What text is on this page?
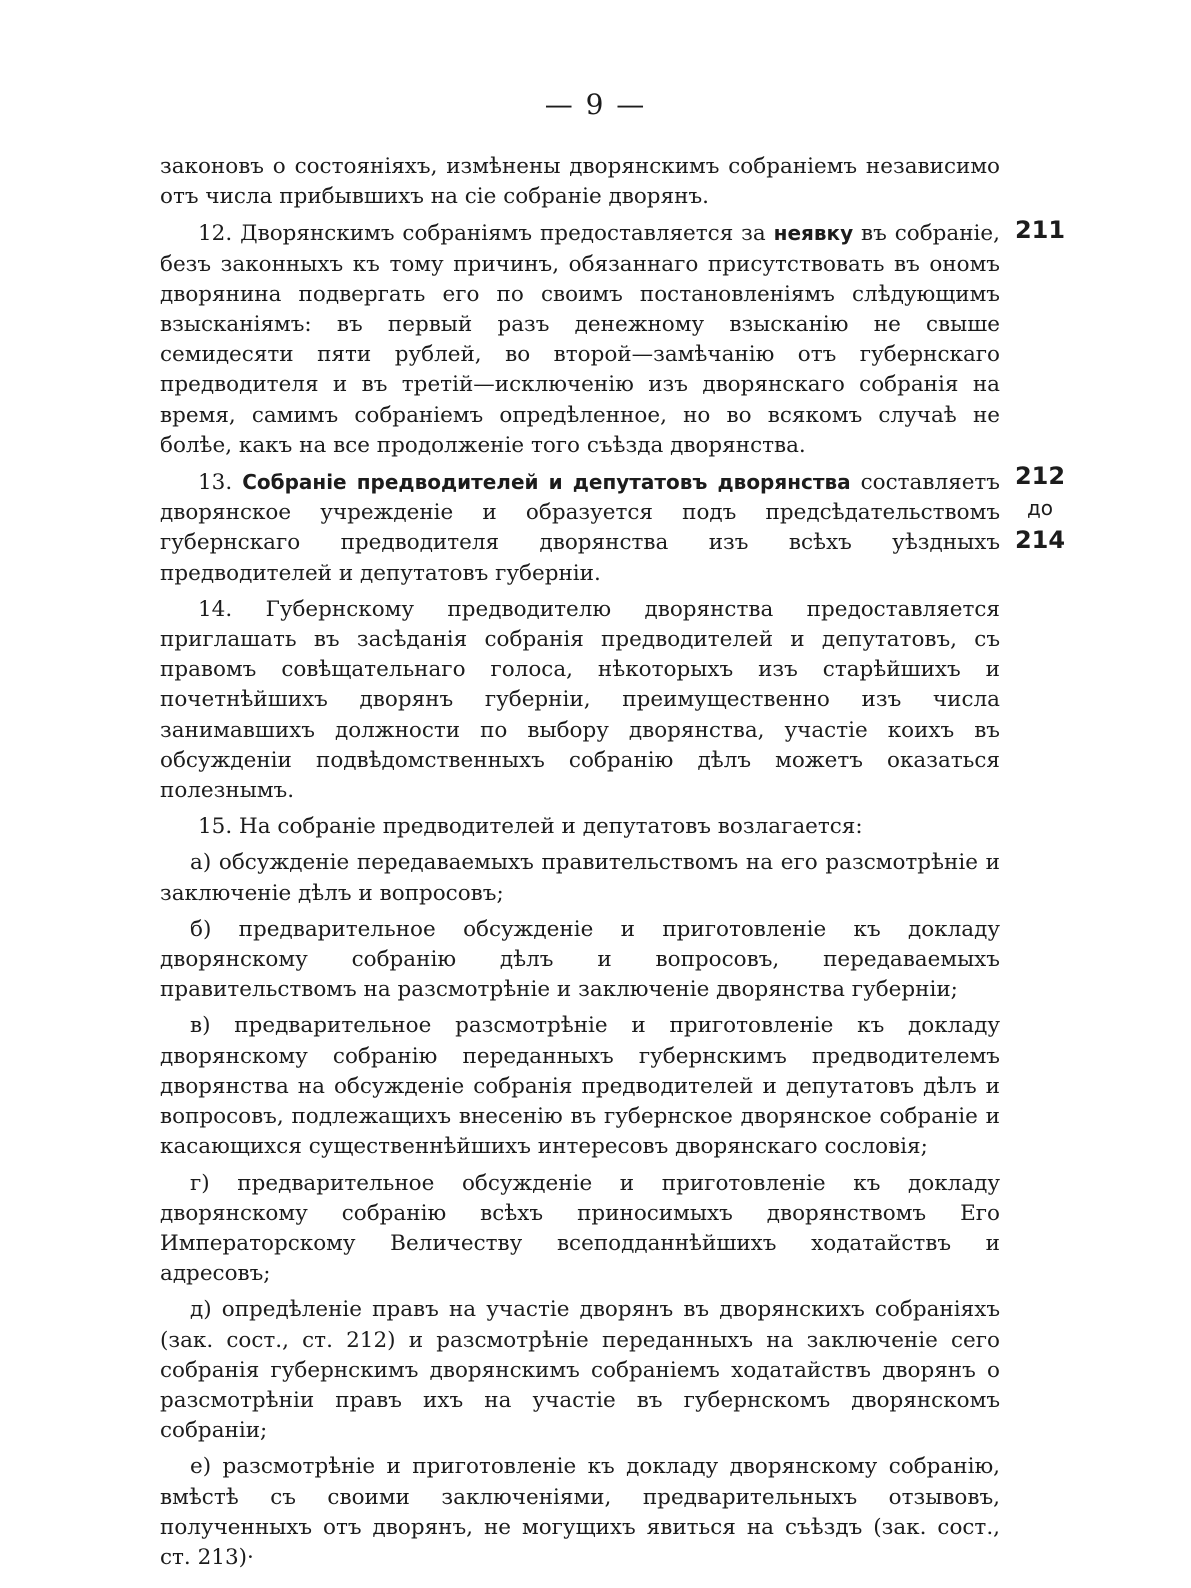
— 9 —

законовъ о состоянiяхъ, измѣнены дворянскимъ собранiемъ независимо отъ числа прибывшихъ на сiе собранiе дворянъ.

12. Дворянскимъ собранiямъ предоставляется за неявку въ собранiе, безъ законныхъ къ тому причинъ, обязаннаго присутствовать въ ономъ дворянина подвергать его по своимъ постановленiямъ слѣдующимъ взысканiямъ: въ первый разъ денежному взысканiю не свыше семидесяти пяти рублей, во второй—замѣчанiю отъ губернскаго предводителя и въ третiй—исключенiю изъ дворянскаго собранiя на время, самимъ собранiемъ опредѣленное, но во всякомъ случаѣ не болѣе, какъ на все продолженiе того съѣзда дворянства.

13. Собранiе предводителей и депутатовъ дворянства составляетъ дворянское учрежденiе и образуется подъ предсѣдательствомъ губернскаго предводителя дворянства изъ всѣхъ уѣздныхъ предводителей и депутатовъ губернiи.

14. Губернскому предводителю дворянства предоставляется приглашать въ засѣданiя собранiя предводителей и депутатовъ, съ правомъ совѣщательнаго голоса, нѣкоторыхъ изъ старѣйшихъ и почетнѣйшихъ дворянъ губернiи, преимущественно изъ числа занимавшихъ должности по выбору дворянства, участiе коихъ въ обсужденiи подвѣдомственныхъ собранiю дѣлъ можетъ оказаться полезнымъ.

15. На собранiе предводителей и депутатовъ возлагается:

а) обсужденiе передаваемыхъ правительствомъ на его разсмотрѣнiе и заключенiе дѣлъ и вопросовъ;

б) предварительное обсужденiе и приготовленiе къ докладу дворянскому собранiю дѣлъ и вопросовъ, передаваемыхъ правительствомъ на разсмотрѣнiе и заключенiе дворянства губернiи;

в) предварительное разсмотрѣнiе и приготовленiе къ докладу дворянскому собранiю переданныхъ губернскимъ предводителемъ дворянства на обсужденiе собранiя предводителей и депутатовъ дѣлъ и вопросовъ, подлежащихъ внесенiю въ губернское дворянское собранiе и касающихся существеннѣйшихъ интересовъ дворянскаго сословiя;

г) предварительное обсужденiе и приготовленiе къ докладу дворянскому собранiю всѣхъ приносимыхъ дворянствомъ Его Императорскому Величеству всеподданнѣйшихъ ходатайствъ и адресовъ;

д) опредѣленiе правъ на участiе дворянъ въ дворянскихъ собранiяхъ (зак. сост., ст. 212) и разсмотрѣнiе переданныхъ на заключенiе сего собранiя губернскимъ дворянскимъ собранiемъ ходатайствъ дворянъ о разсмотрѣнiи правъ ихъ на участiе въ губернскомъ дворянскомъ собранiи;

е) разсмотрѣнiе и приготовленiе къ докладу дворянскому собранiю, вмѣстѣ съ своими заключенiями, предварительныхъ отзывовъ, полученныхъ отъ дворянъ, не могущихъ явиться на съѣздъ (зак. сост., ст. 213)·

211
212
до
214
